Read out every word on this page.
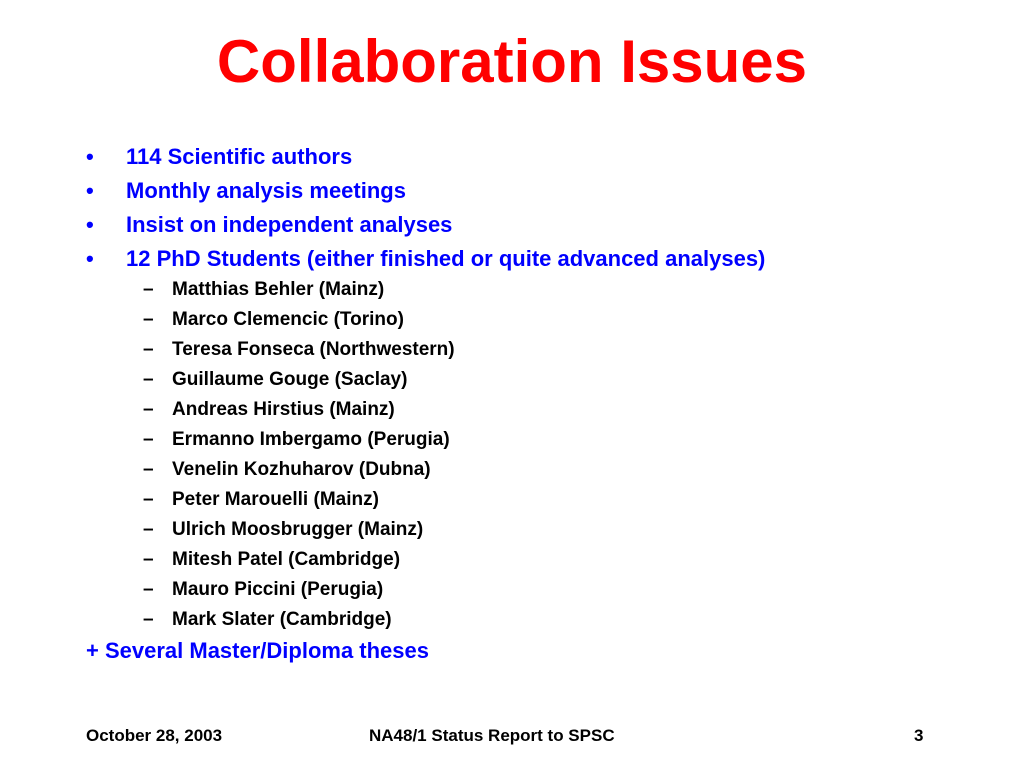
Collaboration Issues
•	114 Scientific authors
•	Monthly analysis meetings
•	Insist on independent analyses
•	12 PhD Students (either finished or quite advanced analyses)
– Matthias Behler (Mainz)
– Marco Clemencic (Torino)
– Teresa Fonseca (Northwestern)
– Guillaume Gouge (Saclay)
– Andreas Hirstius (Mainz)
– Ermanno Imbergamo (Perugia)
– Venelin Kozhuharov (Dubna)
– Peter Marouelli (Mainz)
– Ulrich Moosbrugger (Mainz)
– Mitesh Patel (Cambridge)
– Mauro Piccini (Perugia)
– Mark Slater (Cambridge)
+ Several Master/Diploma theses
October 28, 2003	NA48/1 Status Report to SPSC	3
